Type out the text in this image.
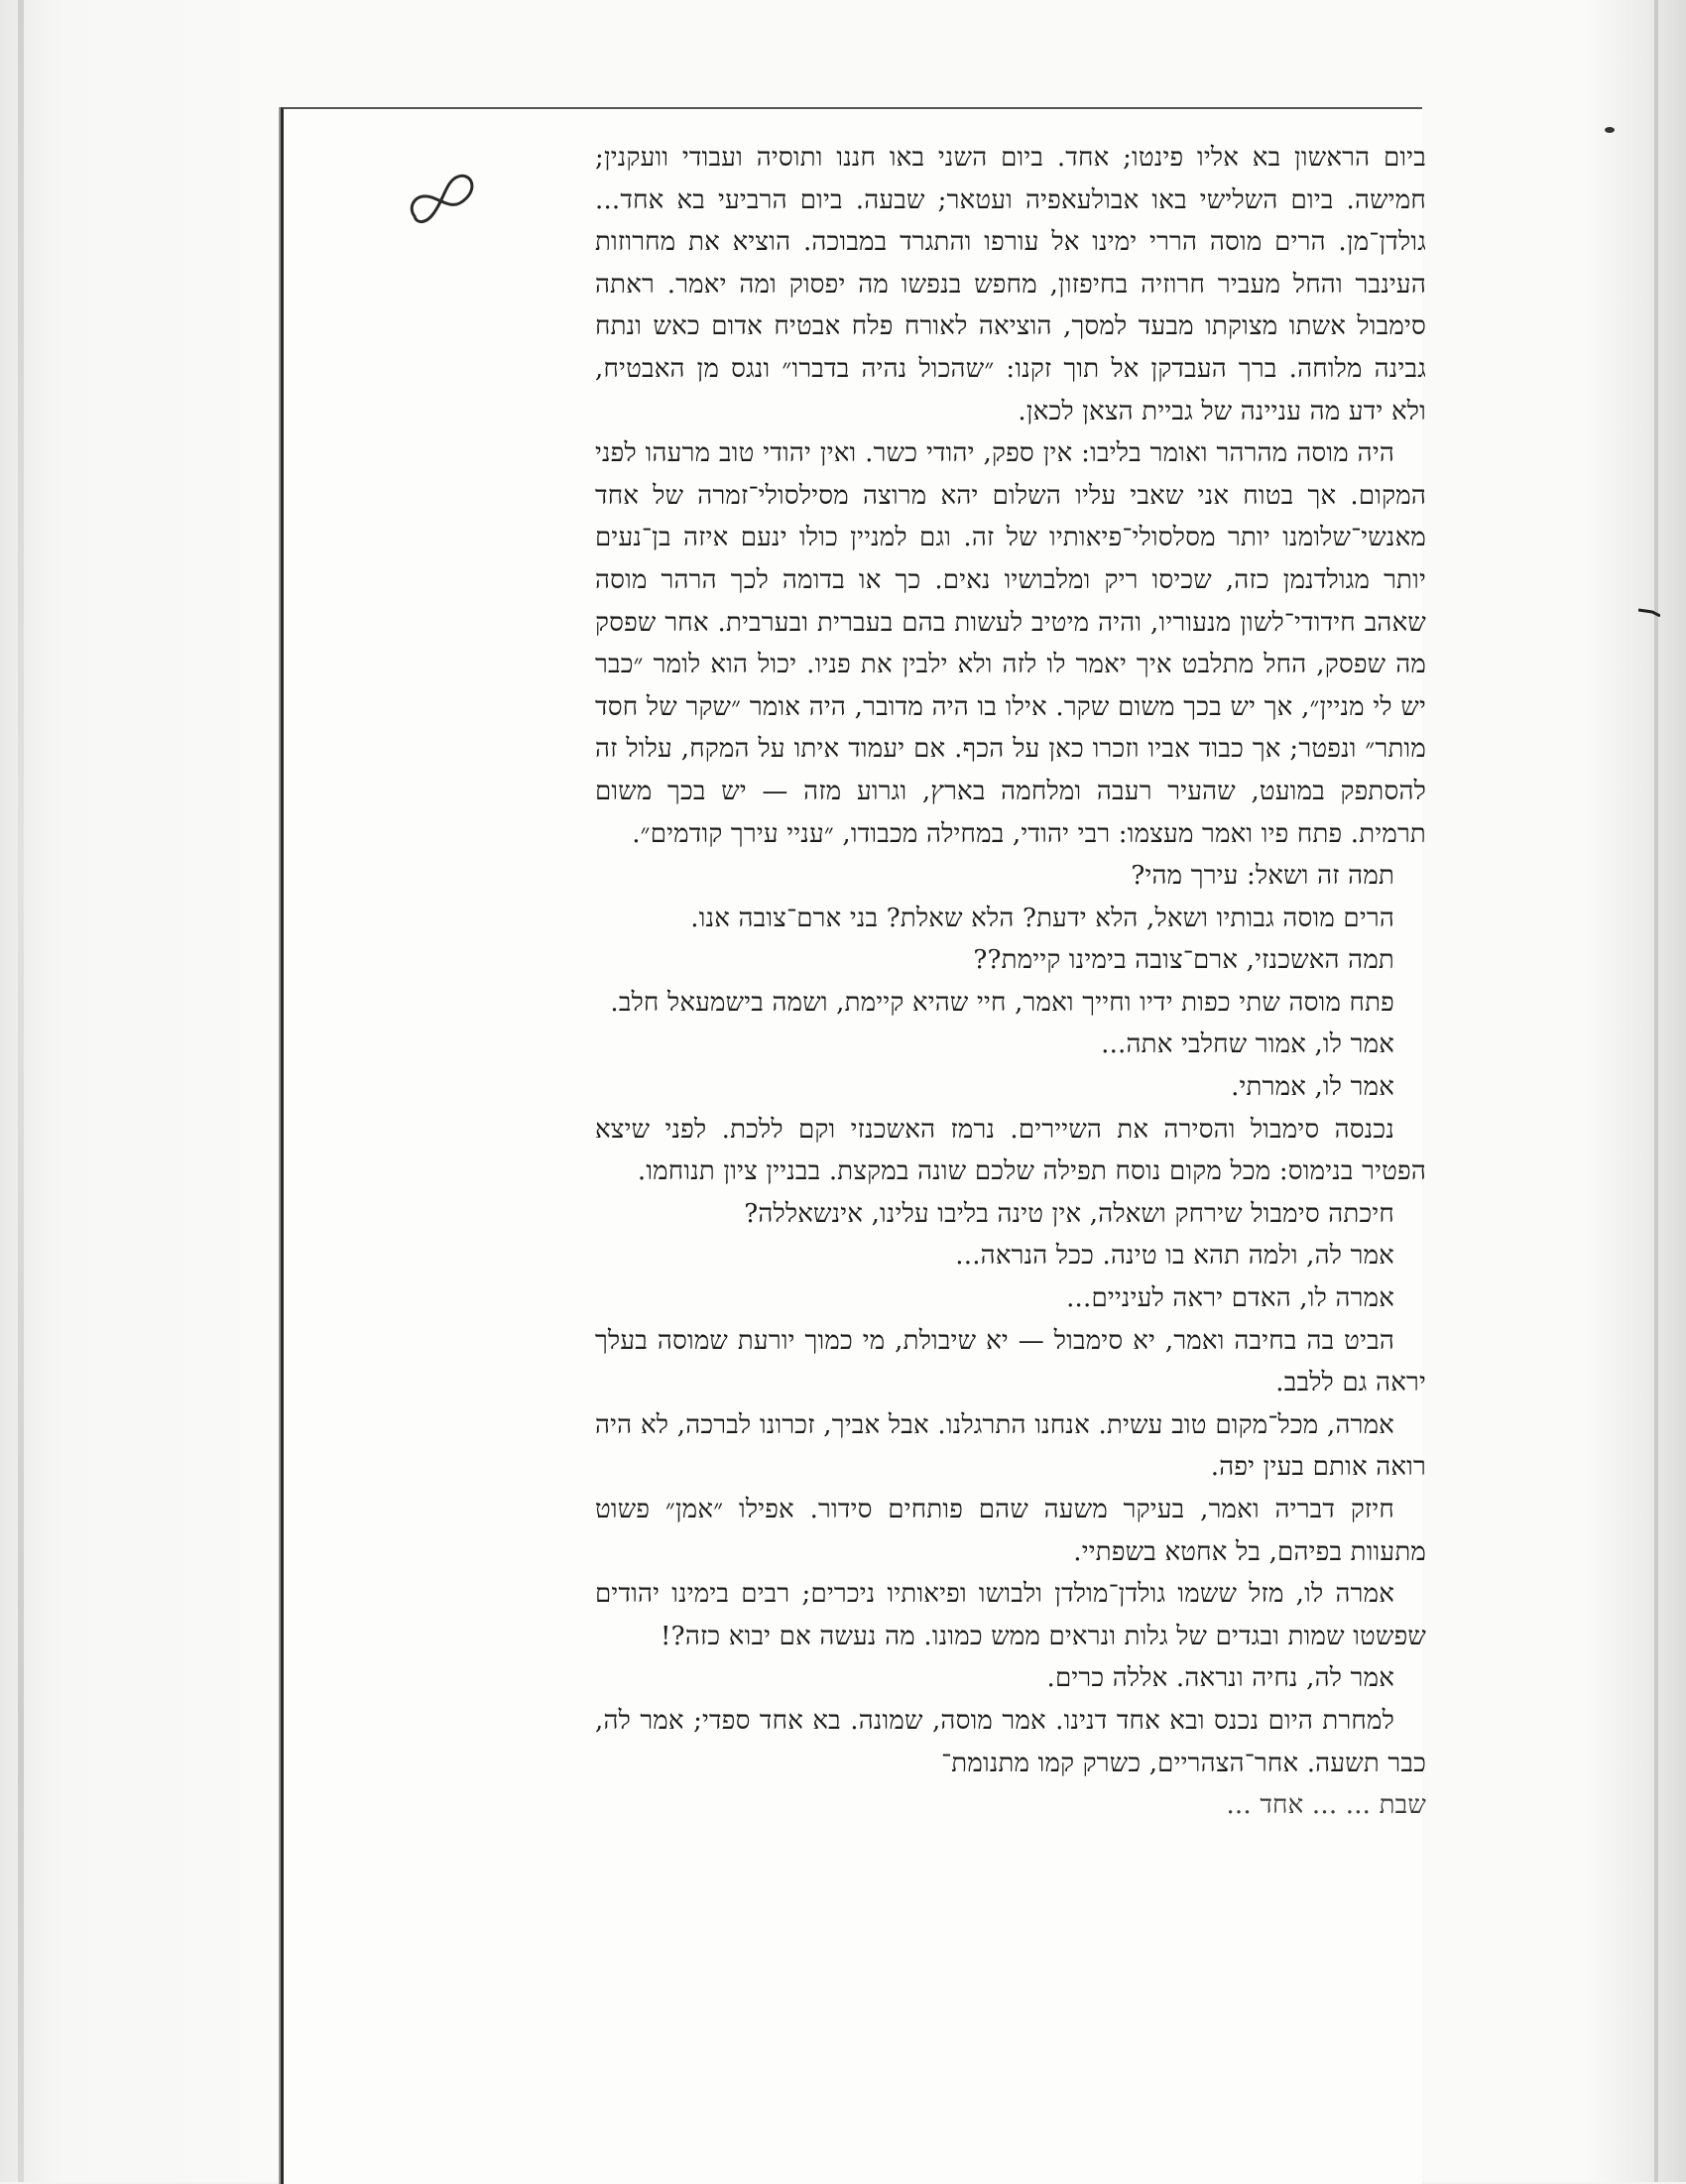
ביום הראשון בא אליו פינטו; אחד. ביום השני באו חננו ותוסיה ועבודי וועקנין; חמישה. ביום השלישי באו אבולעאפיה ועטאר; שבעה. ביום הרביעי בא אחד... גולדן־מן. הרים מוסה הררי ימינו אל עורפו והתגרד במבוכה. הוציא את מחרוזות העינבר והחל מעביר חרוזיה בחיפזון, מחפש בנפשו מה יפסוק ומה יאמר. ראתה סימבול אשתו מצוקתו מבעד למסך, הוציאה לאורח פלח אבטיח אדום כאש ונתח גבינה מלוחה. ברך העבדקן אל תוך זקנו: ״שהכול נהיה בדברו״ ונגס מן האבטיח, ולא ידע מה עניינה של גביית הצאן לכאן.

היה מוסה מהרהר ואומר בליבו: אין ספק, יהודי כשר. ואין יהודי טוב מרעהו לפני המקום. אך בטוח אני שאבי עליו השלום יהא מרוצה מסילסולי־זמרה של אחד מאנשי־שלומנו יותר מסלסולי־פיאותיו של זה. וגם למניין כולו ינעם איזה בן־נעים יותר מגולדנמן כזה, שכיסו ריק ומלבושיו נאים. כך או בדומה לכך הרהר מוסה שאהב חידודי־לשון מנעוריו, והיה מיטיב לעשות בהם בעברית ובערבית. אחר שפסק מה שפסק, החל מתלבט איך יאמר לו לזה ולא ילבין את פניו. יכול הוא לומר ״כבר יש לי מניין״, אך יש בכך משום שקר. אילו בו היה מדובר, היה אומר ״שקר של חסד מותר״ ונפטר; אך כבוד אביו וזכרו כאן על הכף. אם יעמוד איתו על המקח, עלול זה להסתפק במועט, שהעיר רעבה ומלחמה בארץ, וגרוע מזה — יש בכך משום תרמית. פתח פיו ואמר מעצמו: רבי יהודי, במחילה מכבודו, ״עניי עירך קודמים״.

תמה זה ושאל: עירך מהי?

הרים מוסה גבותיו ושאל, הלא ידעת? הלא שאלת? בני ארם־צובה אנו.

תמה האשכנזי, ארם־צובה בימינו קיימת??

פתח מוסה שתי כפות ידיו וחייך ואמר, חיי שהיא קיימת, ושמה בישמעאל חלב.

אמר לו, אמור שחלבי אתה...

אמר לו, אמרתי.

נכנסה סימבול והסירה את השיירים. נרמז האשכנזי וקם ללכת. לפני שיצא הפטיר בנימוס: מכל מקום נוסח תפילה שלכם שונה במקצת. בבניין ציון תנוחמו.

חיכתה סימבול שירחק ושאלה, אין טינה בליבו עלינו, אינשאללה?

אמר לה, ולמה תהא בו טינה. ככל הנראה...

אמרה לו, האדם יראה לעיניים...

הביט בה בחיבה ואמר, יא סימבול — יא שיבולת, מי כמוך יורעת שמוסה בעלך יראה גם ללבב.

אמרה, מכל־מקום טוב עשית. אנחנו התרגלנו. אבל אביך, זכרונו לברכה, לא היה רואה אותם בעין יפה.

חיזק דבריה ואמר, בעיקר משעה שהם פותחים סידור. אפילו ״אמן״ פשוט מתעוות בפיהם, בל אחטא בשפתיי.

אמרה לו, מזל ששמו גולדן־מולדן ולבושו ופיאותיו ניכרים; רבים בימינו יהודים שפשטו שמות ובגדים של גלות ונראים ממש כמונו. מה נעשה אם יבוא כזה?!

אמר לה, נחיה ונראה. אללה כרים.

למחרת היום נכנס ובא אחד דנינו. אמר מוסה, שמונה. בא אחד ספדי; אמר לה, כבר תשעה. אחר־הצהריים, כשרק קמו מתנומת־

שבת ... ... אחד ...
